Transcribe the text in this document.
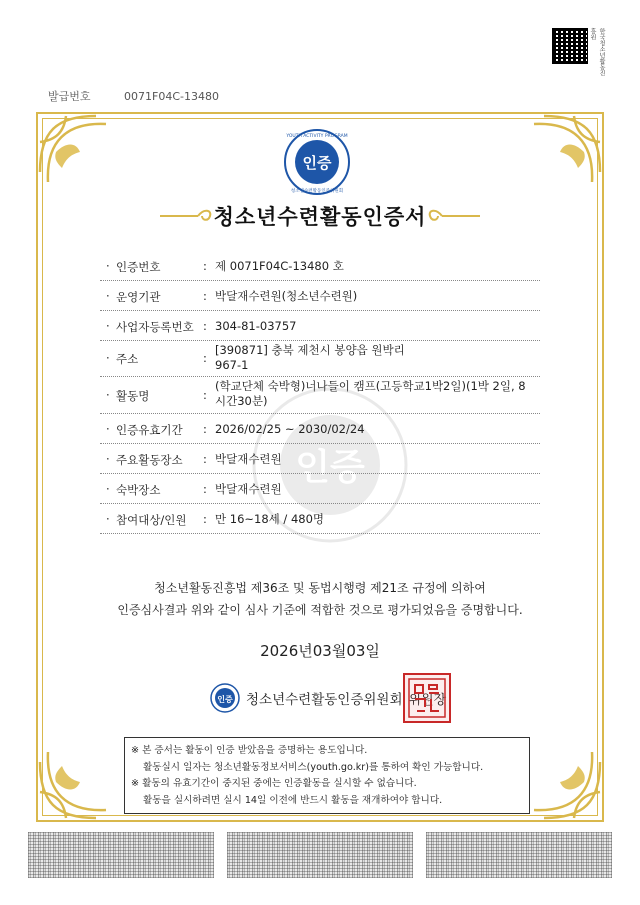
발급번호	0071F04C-13480
한국청소년활동진흥원
인증
YOUTH ACTIVITY PROGRAM
청소년수련활동인증위원회
청소년수련활동인증서
인증
· 인증번호	: 제 0071F04C-13480 호
· 운영기관	: 박달재수련원(청소년수련원)
· 사업자등록번호 : 304-81-03757
· 주소	:
[390871] 충북 제천시 봉양읍 원박리
967-1
· 활동명	:
(학교단체 숙박형)너나들이 캠프(고등학교1박2일)(1박 2일, 8
시간30분)
· 인증유효기간 : 2026/02/25 ~ 2030/02/24
· 주요활동장소 : 박달재수련원
· 숙박장소	: 박달재수련원
· 참여대상/인원 : 만 16~18세 / 480명
청소년활동진흥법 제36조 및 동법시행령 제21조 규정에 의하여
인증심사결과 위와 같이 심사 기준에 적합한 것으로 평가되었음을 증명합니다.
2026년03월03일
인증 청소년수련활동인증위원회 위원장
※ 본 증서는 활동이 인증 받았음을 증명하는 용도입니다.
활동실시 일자는 청소년활동정보서비스(youth.go.kr)를 통하여 확인 가능합니다.
※ 활동의 유효기간이 중지된 중에는 인증활동을 실시할 수 없습니다.
활동을 실시하려면 실시 14일 이전에 반드시 활동을 재개하여야 합니다.
